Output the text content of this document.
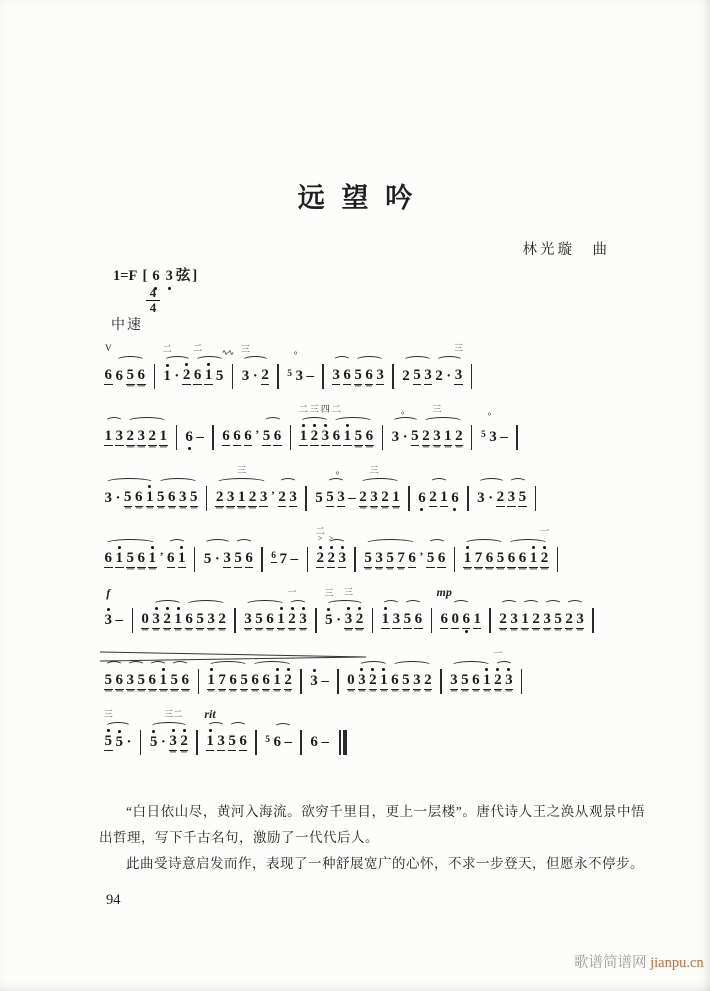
远望吟
林光璇　曲
1=F [ 6 3 弦 ]
4
4
中速
V
6 6 5 6
二
1 · 2
二
6 1
∿∿
5
三
3 · 2
°
5 3 – 3 6 5 6 3 2 5 3 2 ·
三
3
1 3 2 3 2 1 6 – 6 6 6 ’ 5 6
二
1
三
2
四
3
二
6 1 5 6
°
3 · 5 2
三
3 1 2
°
5 3 –
3 · 5 6 1 5 6 3 5 2 3
三
1 2 3 ’ 2 3 5
°
5 3 – 2
三
3 2 1 6 2 1 6 3 · 2 3 5
6 1 5 6 1 ’ 6 1 5 · 3 5 6 6 7 –
二
>
2
>
2 3 5 3 5 7 6 ’ 5 6 1 7 6 5 6 6 1
一
2
f
3 – 0 3 2 1 6 5 3 2 3 5 6 1
一
2 3
三
5 ·
三
3 2 1 3 5 6
mp
6 0 6 1 2 3 1 2 3 5 2 3
5 6 3 5 6 1 5 6 1 7 6 5 6 6 1 2 3 – 0 3 2 1 6 5 3 2 3 5 6 1
一
2 3
三
5 5 · 5 ·
三二
3 2
rit
1 3 5 6 5 6 – 6 –

“白日依山尽，黄河入海流。欲穷千里目，更上一层楼”。唐代诗人王之涣从观景中悟出哲理，写下千古名句，激励了一代代后人。

此曲受诗意启发而作，表现了一种舒展宽广的心怀，不求一步登天，但愿永不停步。

94
歌谱简谱网 jianpu.cn
